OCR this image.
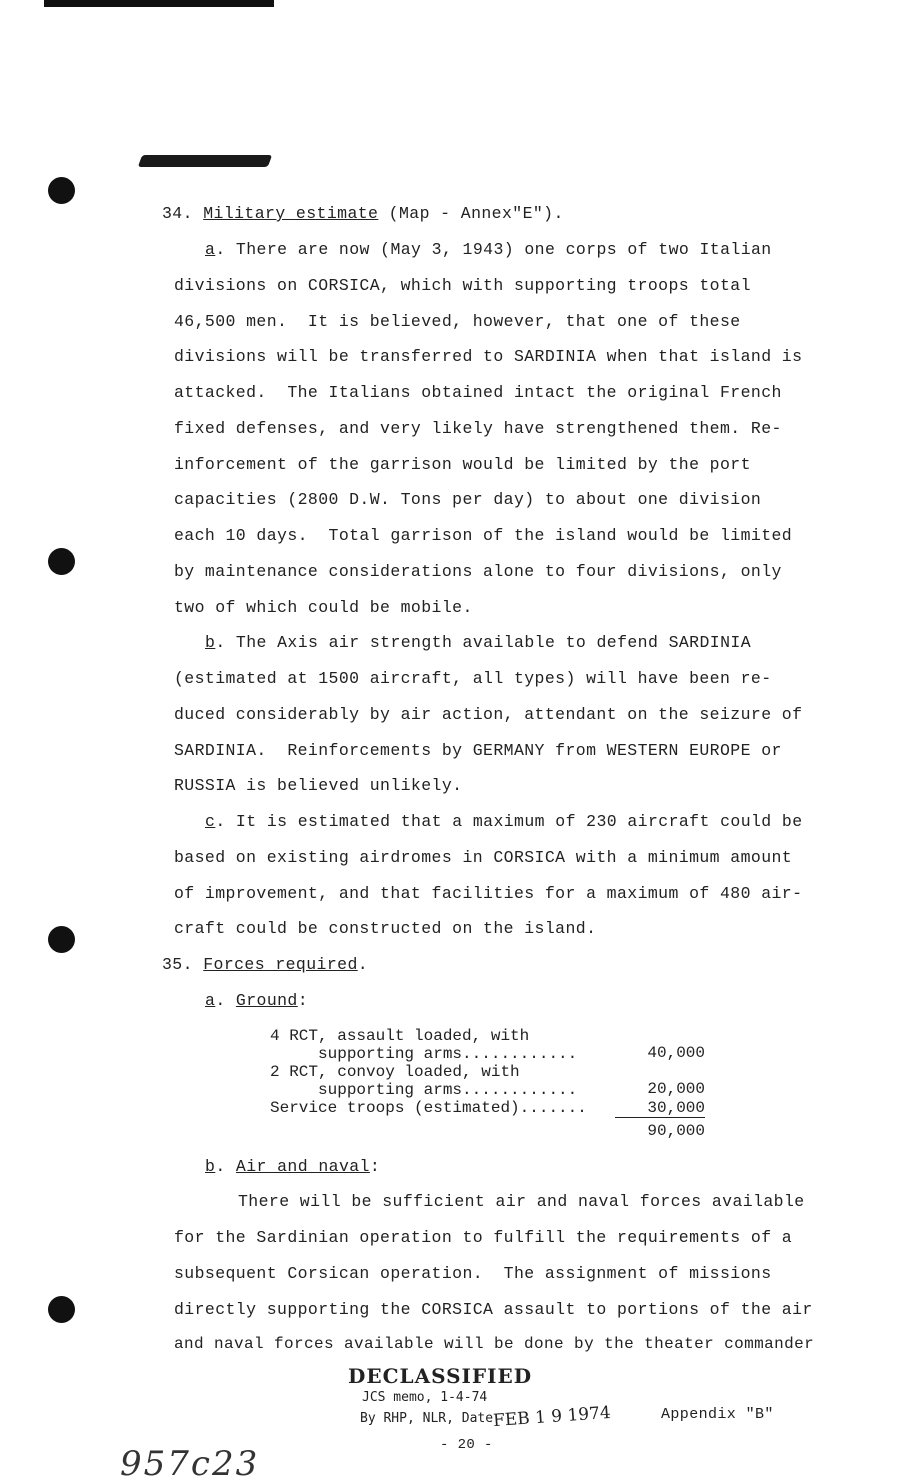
34. Military estimate (Map - Annex"E").
a. There are now (May 3, 1943) one corps of two Italian
divisions on CORSICA, which with supporting troops total
46,500 men.  It is believed, however, that one of these
divisions will be transferred to SARDINIA when that island is
attacked.  The Italians obtained intact the original French
fixed defenses, and very likely have strengthened them. Re-
inforcement of the garrison would be limited by the port
capacities (2800 D.W. Tons per day) to about one division
each 10 days.  Total garrison of the island would be limited
by maintenance considerations alone to four divisions, only
two of which could be mobile.
b. The Axis air strength available to defend SARDINIA
(estimated at 1500 aircraft, all types) will have been re-
duced considerably by air action, attendant on the seizure of
SARDINIA.  Reinforcements by GERMANY from WESTERN EUROPE or
RUSSIA is believed unlikely.
c. It is estimated that a maximum of 230 aircraft could be
based on existing airdromes in CORSICA with a minimum amount
of improvement, and that facilities for a maximum of 480 air-
craft could be constructed on the island.
35. Forces required.
a. Ground:
4 RCT, assault loaded, with
supporting arms............	40,000
2 RCT, convoy loaded, with
supporting arms............	20,000
Service troops (estimated).......	30,000
90,000
b. Air and naval:
There will be sufficient air and naval forces available
for the Sardinian operation to fulfill the requirements of a
subsequent Corsican operation.  The assignment of missions
directly supporting the CORSICA assault to portions of the air
and naval forces available will be done by the theater commander
DECLASSIFIED
JCS memo, 1-4-74
By RHP, NLR, DateFEB 1 9 1974	Appendix "B"
- 20 -
957c23
